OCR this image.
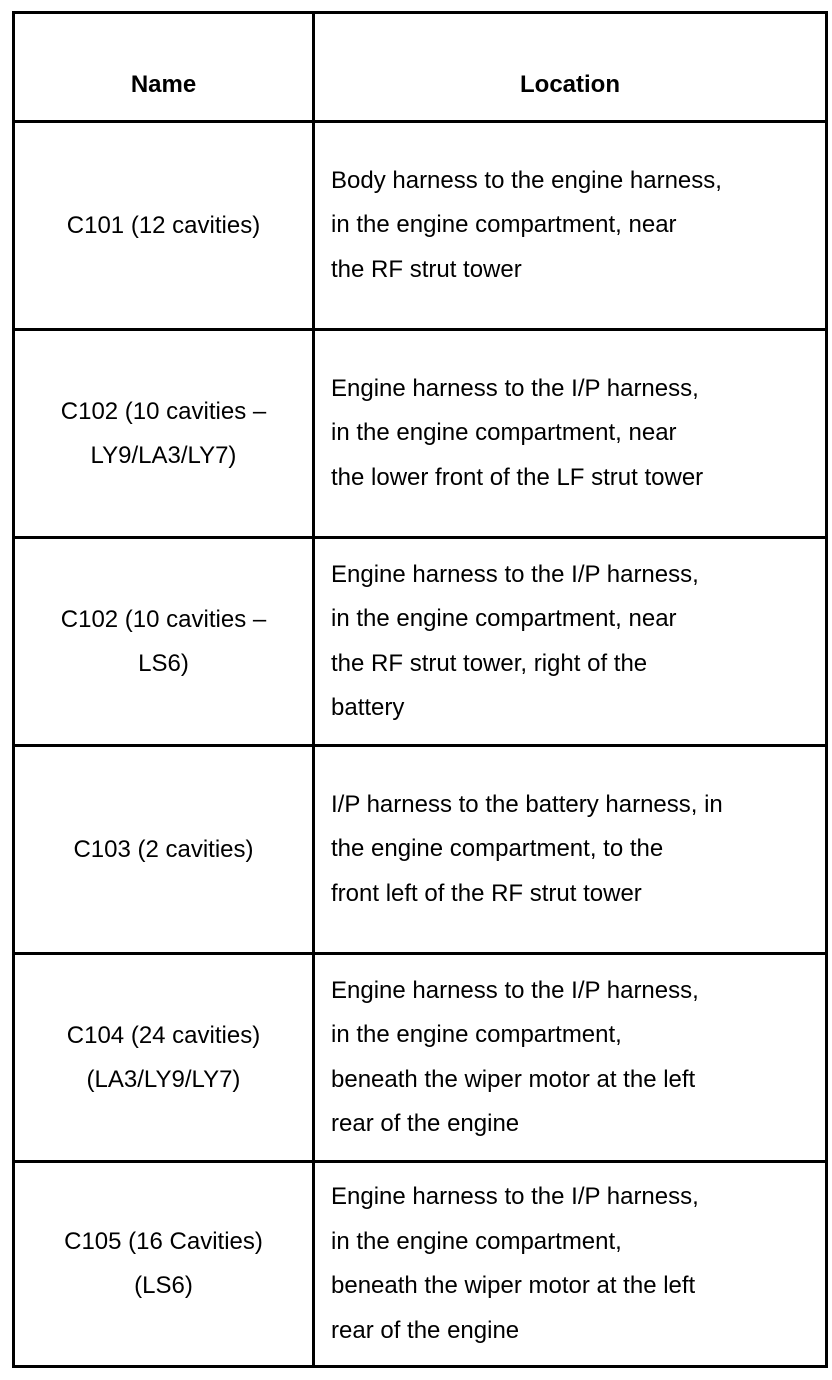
Name	Location
C101 (12 cavities)
Body harness to the engine harness,
in the engine compartment, near
the RF strut tower
C102 (10 cavities –
LY9/LA3/LY7)
Engine harness to the I/P harness,
in the engine compartment, near
the lower front of the LF strut tower
C102 (10 cavities –
LS6)
Engine harness to the I/P harness,
in the engine compartment, near
the RF strut tower, right of the
battery
C103 (2 cavities)
I/P harness to the battery harness, in
the engine compartment, to the
front left of the RF strut tower
C104 (24 cavities)
(LA3/LY9/LY7)
Engine harness to the I/P harness,
in the engine compartment,
beneath the wiper motor at the left
rear of the engine
C105 (16 Cavities)
(LS6)
Engine harness to the I/P harness,
in the engine compartment,
beneath the wiper motor at the left
rear of the engine
